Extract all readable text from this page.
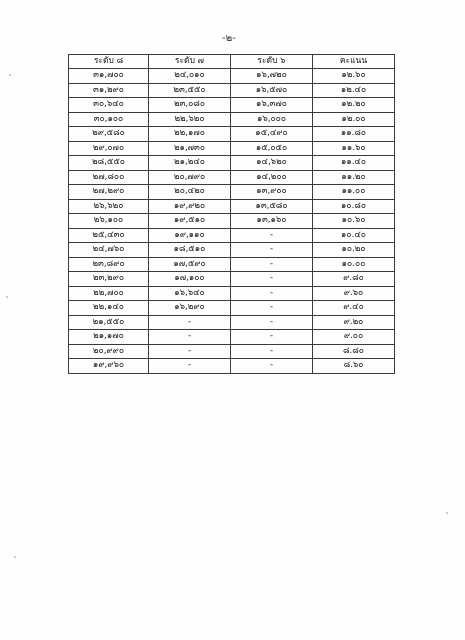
-๒-
ระดับ ๘	ระดับ ๗	ระดับ ๖	คะแนน
๓๑,๗๐๐	๒๔,๐๑๐	๑๖,๗๒๐	๑๒.๖๐
๓๑,๒๙๐	๒๓,๕๕๐	๑๖,๕๗๐	๑๒.๔๐
๓๐,๖๔๐	๒๓,๐๘๐	๑๖,๓๗๐	๑๒.๒๐
๓๐,๑๐๐	๒๒,๖๒๐	๑๖,๐๐๐	๑๒.๐๐
๒๙,๕๘๐	๒๒,๑๗๐	๑๕,๔๙๐	๑๑.๘๐
๒๙,๐๗๐	๒๑,๗๓๐	๑๕,๐๕๐	๑๑.๖๐
๒๘,๕๕๐	๒๑,๒๔๐	๑๔,๖๒๐	๑๑.๔๐
๒๗,๘๐๐	๒๐,๗๙๐	๑๔,๒๐๐	๑๑.๒๐
๒๗,๒๙๐	๒๐,๔๒๐	๑๓,๙๐๐	๑๑.๐๐
๒๖,๖๒๐	๑๙,๙๒๐	๑๓,๕๘๐	๑๐.๘๐
๒๖,๑๐๐	๑๙,๕๑๐	๑๓,๑๖๐	๑๐.๖๐
๒๕,๔๓๐	๑๙,๑๑๐	-	๑๐.๔๐
๒๔,๗๖๐	๑๘,๕๑๐	-	๑๐.๒๐
๒๓,๘๙๐	๑๗,๕๙๐	-	๑๐.๐๐
๒๓,๒๙๐	๑๗,๑๐๐	-	๙.๘๐
๒๒,๗๐๐	๑๖,๖๔๐	-	๙.๖๐
๒๒,๑๔๐	๑๖,๒๙๐	-	๙.๔๐
๒๑,๕๕๐	-	-	๙.๒๐
๒๑,๑๗๐	-	-	๙.๐๐
๒๐,๙๙๐	-	-	๘.๘๐
๑๙,๙๖๐	-	-	๘.๖๐
